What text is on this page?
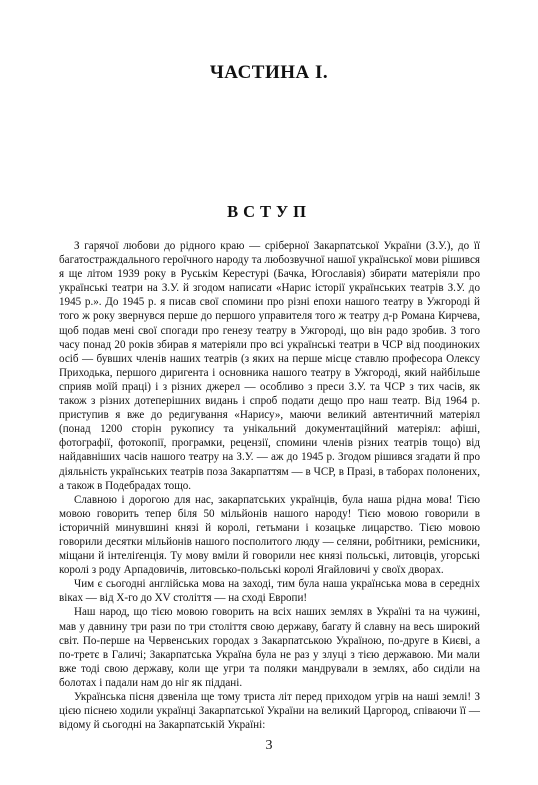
ЧАСТИНА І.
ВСТУП

З гарячої любови до рідного краю — сріберної Закарпатської України (З.У.), до її багатостраждального героїчного народу та любозвучної нашої української мови рішився я ще літом 1939 року в Руськім Керестурі (Бачка, Югославія) збирати матеріяли про українські театри на З.У. й згодом написати «Нарис історії українських театрів З.У. до 1945 р.». До 1945 р. я писав свої спомини про різні епохи нашого театру в Ужгороді й того ж року звернувся перше до першого управителя того ж театру д-р Романа Кирчева, щоб подав мені свої спогади про генезу театру в Ужгороді, що він радо зробив. З того часу понад 20 років збирав я матеріяли про всі українські театри в ЧСР від поодиноких осіб — бувших членів наших театрів (з яких на перше місце ставлю професора Олексу Приходька, першого диригента і основника нашого театру в Ужгороді, який найбільше сприяв моїй праці) і з різних джерел — особливо з преси З.У. та ЧСР з тих часів, як також з різних дотеперішних видань і спроб подати дещо про наш театр. Від 1964 р. приступив я вже до редигування «Нарису», маючи великий автентичний матеріял (понад 1200 сторін рукопису та унікальний документаційний матеріял: афіші, фотографії, фотокопії, програмки, рецензії, спомини членів різних театрів тощо) від найдавніших часів нашого театру на З.У. — аж до 1945 р. Згодом рішився згадати й про діяльність українських театрів поза Закарпаттям — в ЧСР, в Празі, в таборах полонених, а також в Подебрадах тощо.

Славною і дорогою для нас, закарпатських українців, була наша рідна мова! Тією мовою говорить тепер біля 50 мільйонів нашого народу! Тією мовою говорили в історичній минувшині князі й королі, гетьмани і козацьке лицарство. Тією мовою говорили десятки мільйонів нашого посполитого люду — селяни, робітники, ремісники, міщани й інтеліґенція. Ту мову вміли й говорили неє князі польські, литовців, угорські королі з роду Арпадовичів, литовсько-польські королі Ягайловичі у своїх дворах.

Чим є сьогодні англійська мова на заході, тим була наша українська мова в середніх віках — від X-го до XV століття — на сході Европи!

Наш народ, що тією мовою говорить на всіх наших землях в Україні та на чужині, мав у давнину три рази по три століття свою державу, багату й славну на весь широкий світ. По-перше на Червенських городах з Закарпатською Україною, по-друге в Києві, а по-третє в Галичі; Закарпатська Україна була не раз у злуці з тією державою. Ми мали вже тоді свою державу, коли ще угри та поляки мандрували в землях, або сиділи на болотах і падали нам до ніг як піддані.

Українська пісня дзвеніла ще тому триста літ перед приходом угрів на наші землі! З цією піснею ходили українці Закарпатської України на великий Царгород, співаючи її — відому й сьогодні на Закарпатській Україні:

3
